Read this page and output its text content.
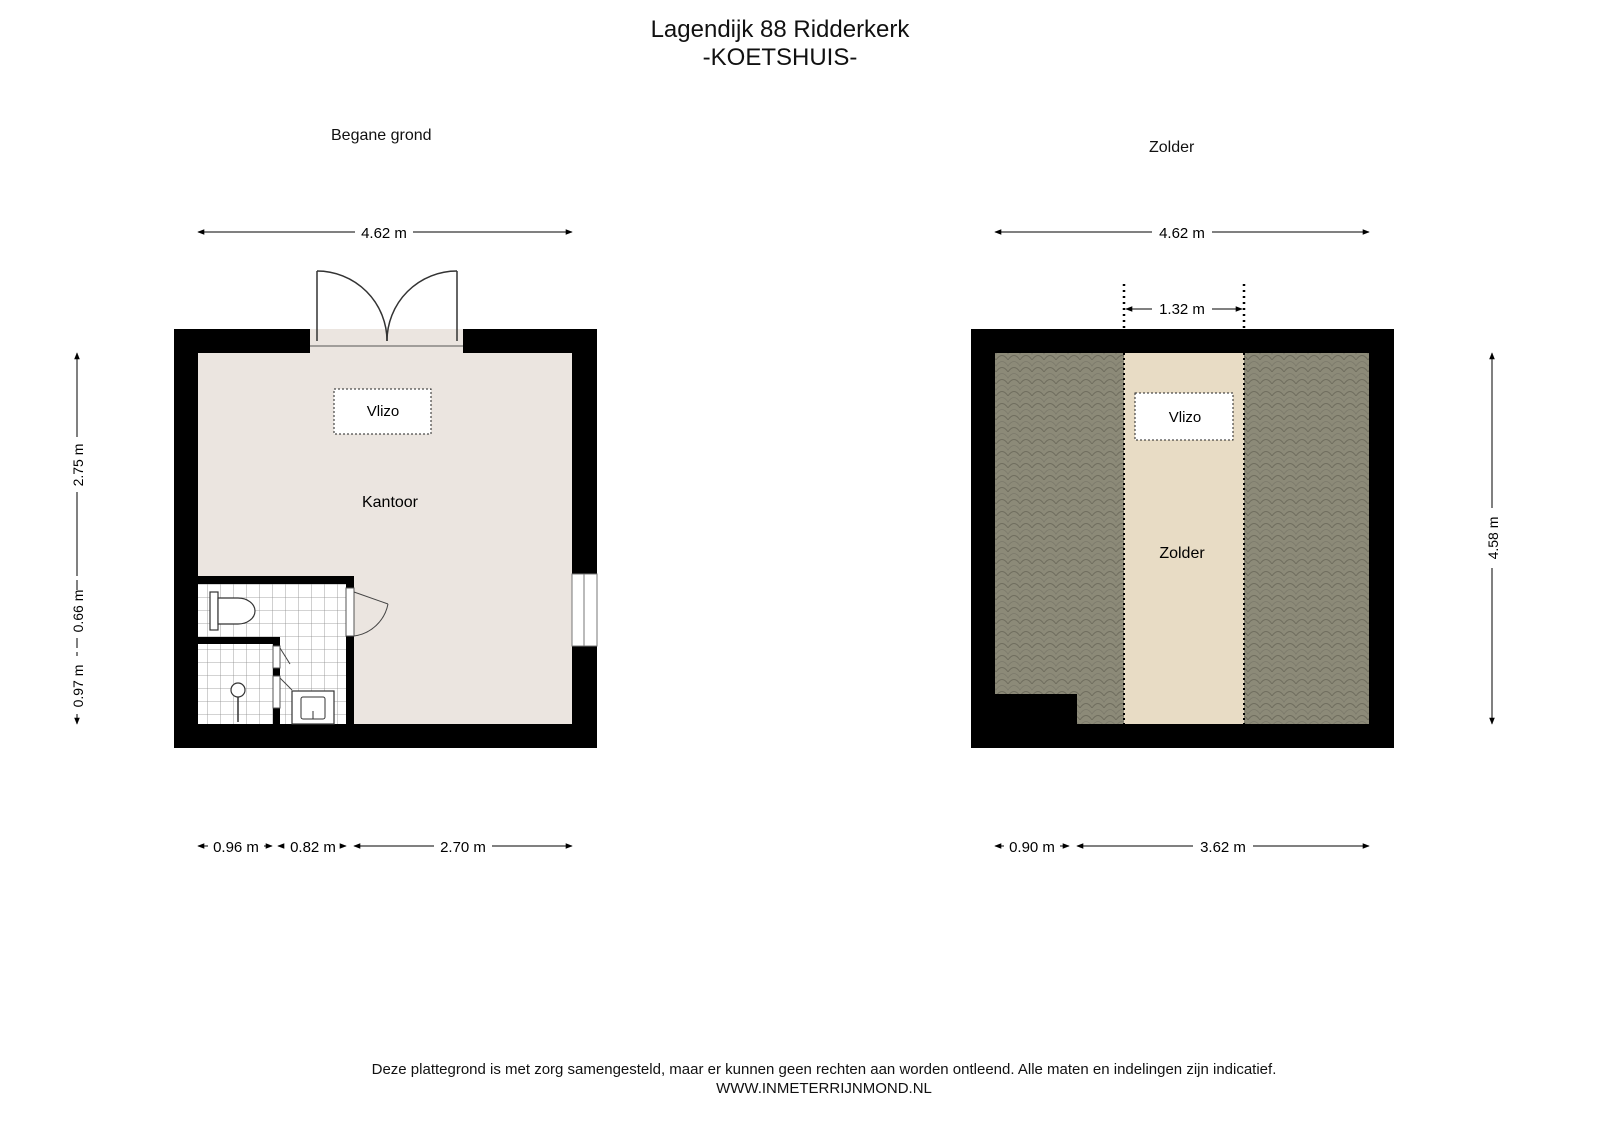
Lagendijk 88 Ridderkerk
-KOETSHUIS-
Begane grond
Zolder
Vlizo
Kantoor
4.62 m
2.75 m
0.66 m
0.97 m
0.96 m 0.82 m	2.70 m
Vlizo
Zolder
4.62 m
1.32 m
4.58 m
0.90 m	3.62 m
Deze plattegrond is met zorg samengesteld, maar er kunnen geen rechten aan worden ontleend. Alle maten en indelingen zijn indicatief.
WWW.INMETERRIJNMOND.NL
